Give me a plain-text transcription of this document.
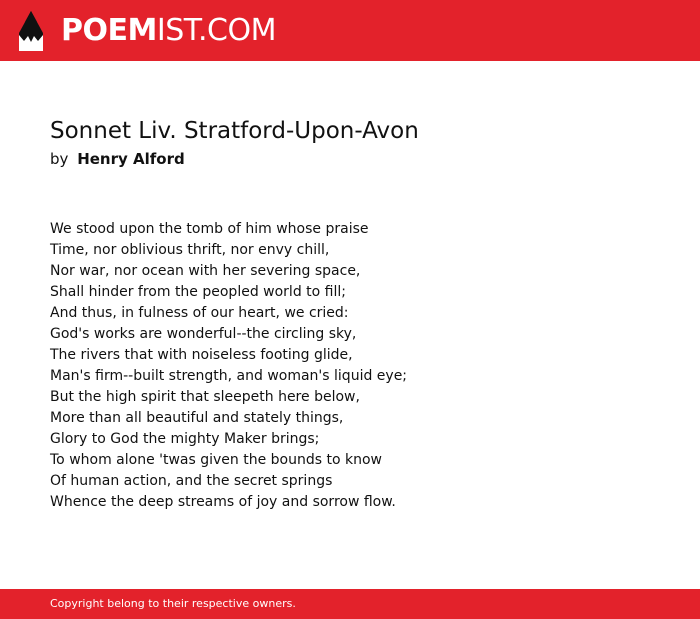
POEMIST.COM
Sonnet Liv. Stratford-Upon-Avon
by Henry Alford
We stood upon the tomb of him whose praise
Time, nor oblivious thrift, nor envy chill,
Nor war, nor ocean with her severing space,
Shall hinder from the peopled world to fill;
And thus, in fulness of our heart, we cried:
God's works are wonderful--the circling sky,
The rivers that with noiseless footing glide,
Man's firm--built strength, and woman's liquid eye;
But the high spirit that sleepeth here below,
More than all beautiful and stately things,
Glory to God the mighty Maker brings;
To whom alone 'twas given the bounds to know
Of human action, and the secret springs
Whence the deep streams of joy and sorrow flow.
Copyright belong to their respective owners.
